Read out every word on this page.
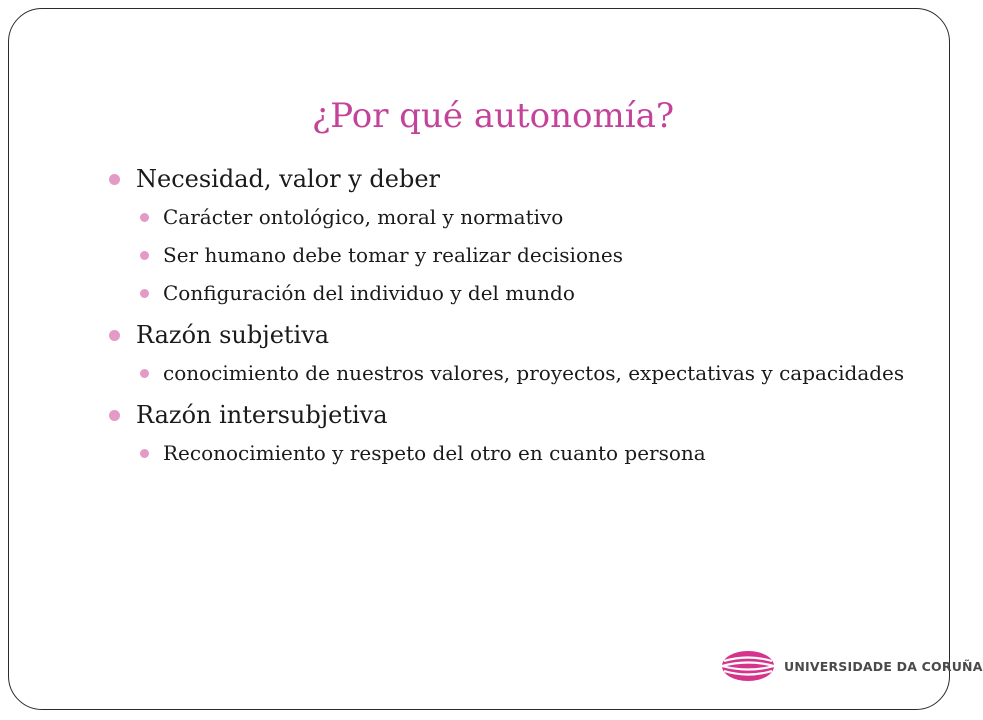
¿Por qué autonomía?
Necesidad, valor y deber
Carácter ontológico, moral y normativo
Ser humano debe tomar y realizar decisiones
Configuración del individuo y del mundo
Razón subjetiva
conocimiento de nuestros valores, proyectos, expectativas y capacidades
Razón intersubjetiva
Reconocimiento y respeto del otro en cuanto persona
UNIVERSIDADE DA CORUÑA
